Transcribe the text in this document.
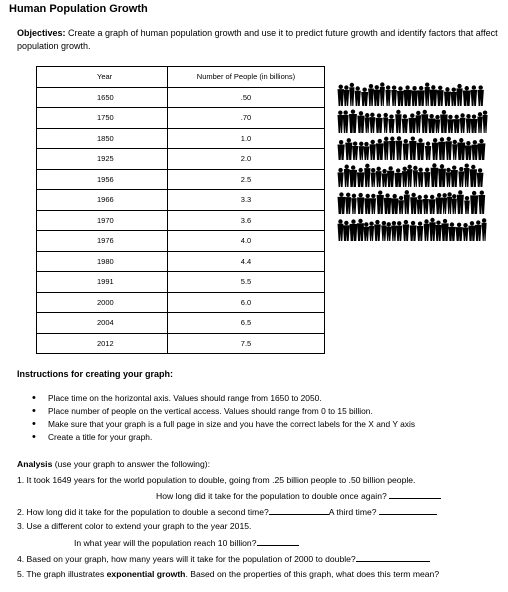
Human Population Growth
Objectives: Create a graph of human population growth and use it to predict future growth and identify factors that affect population growth.
Year	Number of People (in billions)
1650	.50
1750	.70
1850	1.0
1925	2.0
1956	2.5
1966	3.3
1970	3.6
1976	4.0
1980	4.4
1991	5.5
2000	6.0
2004	6.5
2012	7.5
Instructions for creating your graph:
• Place time on the horizontal axis. Values should range from 1650 to 2050.
• Place number of people on the vertical access. Values should range from 0 to 15 billion.
• Make sure that your graph is a full page in size and you have the correct labels for the X and Y axis
• Create a title for your graph.
Analysis (use your graph to answer the following):
1. It took 1649 years for the world population to double, going from .25 billion people to .50 billion people.
How long did it take for the population to double once again?
2. How long did it take for the population to double a second time?	A third time?
3. Use a different color to extend your graph to the year 2015.
In what year will the population reach 10 billion?
4. Based on your graph, how many years will it take for the population of 2000 to double?
5. The graph illustrates exponential growth. Based on the properties of this graph, what does this term mean?
